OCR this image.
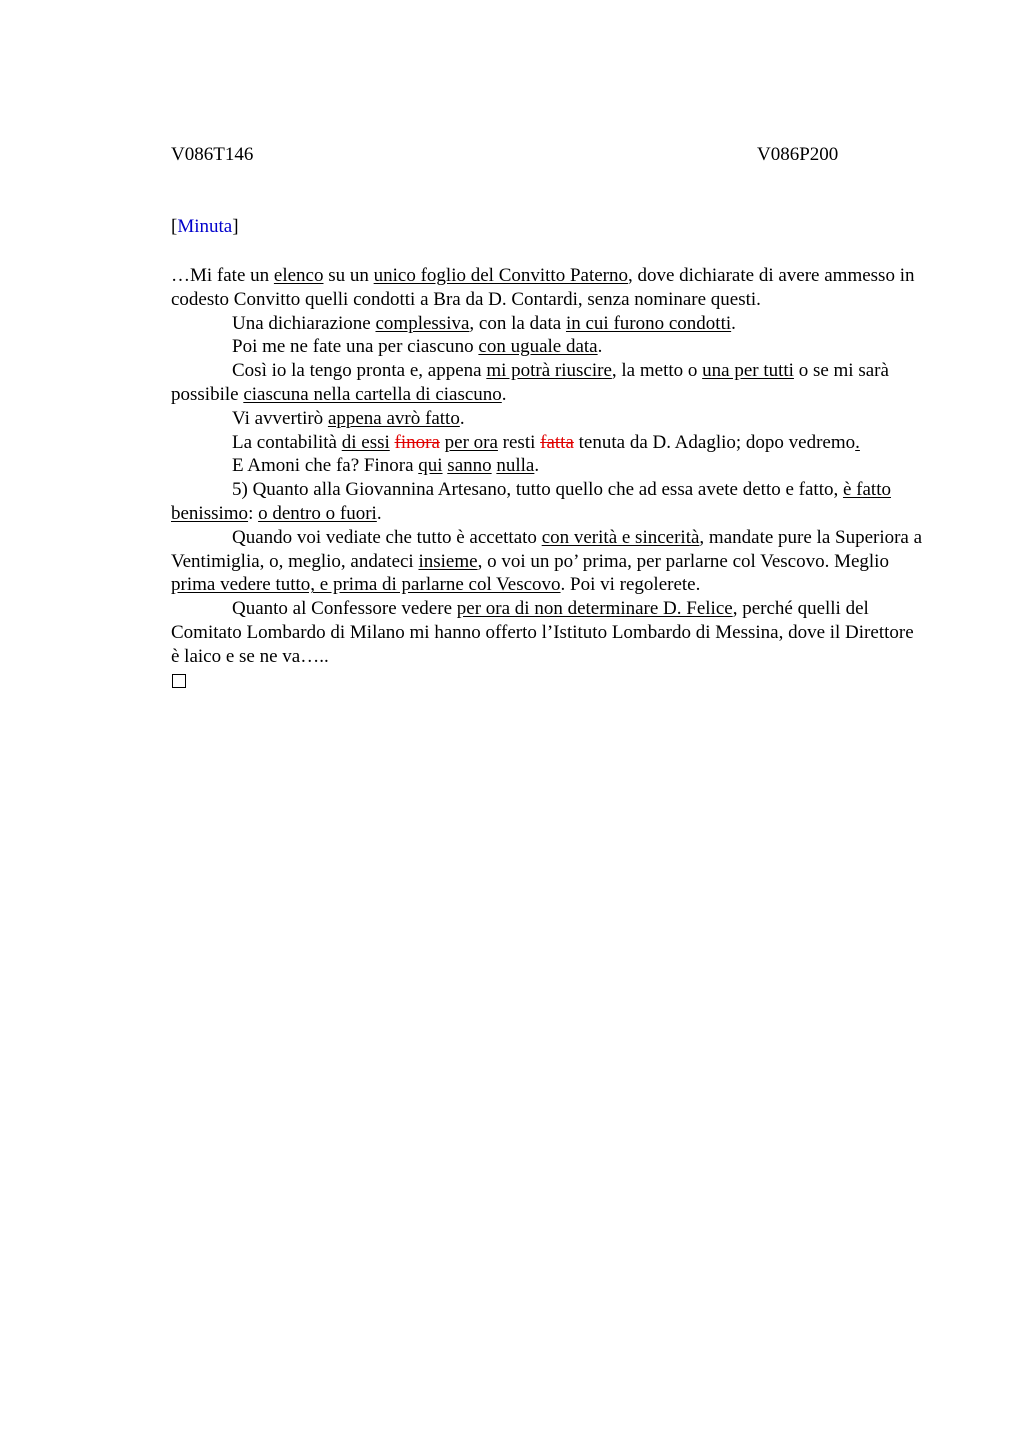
V086T146	V086P200
[Minuta]

…Mi fate un elenco su un unico foglio del Convitto Paterno, dove dichiarate di avere ammesso in codesto Convitto quelli condotti a Bra da D. Contardi, senza nominare questi.

Una dichiarazione complessiva, con la data in cui furono condotti.

Poi me ne fate una per ciascuno con uguale data.

Così io la tengo pronta e, appena mi potrà riuscire, la metto o una per tutti o se mi sarà possibile ciascuna nella cartella di ciascuno.

Vi avvertirò appena avrò fatto.

La contabilità di essi finora per ora resti fatta tenuta da D. Adaglio; dopo vedremo.

E Amoni che fa? Finora qui sanno nulla.

5) Quanto alla Giovannina Artesano, tutto quello che ad essa avete detto e fatto, è fatto benissimo: o dentro o fuori.

Quando voi vediate che tutto è accettato con verità e sincerità, mandate pure la Superiora a Ventimiglia, o, meglio, andateci insieme, o voi un po’ prima, per parlarne col Vescovo. Meglio prima vedere tutto, e prima di parlarne col Vescovo. Poi vi regolerete.

Quanto al Confessore vedere per ora di non determinare D. Felice, perché quelli del Comitato Lombardo di Milano mi hanno offerto l’Istituto Lombardo di Messina, dove il Direttore è laico e se ne va…..
